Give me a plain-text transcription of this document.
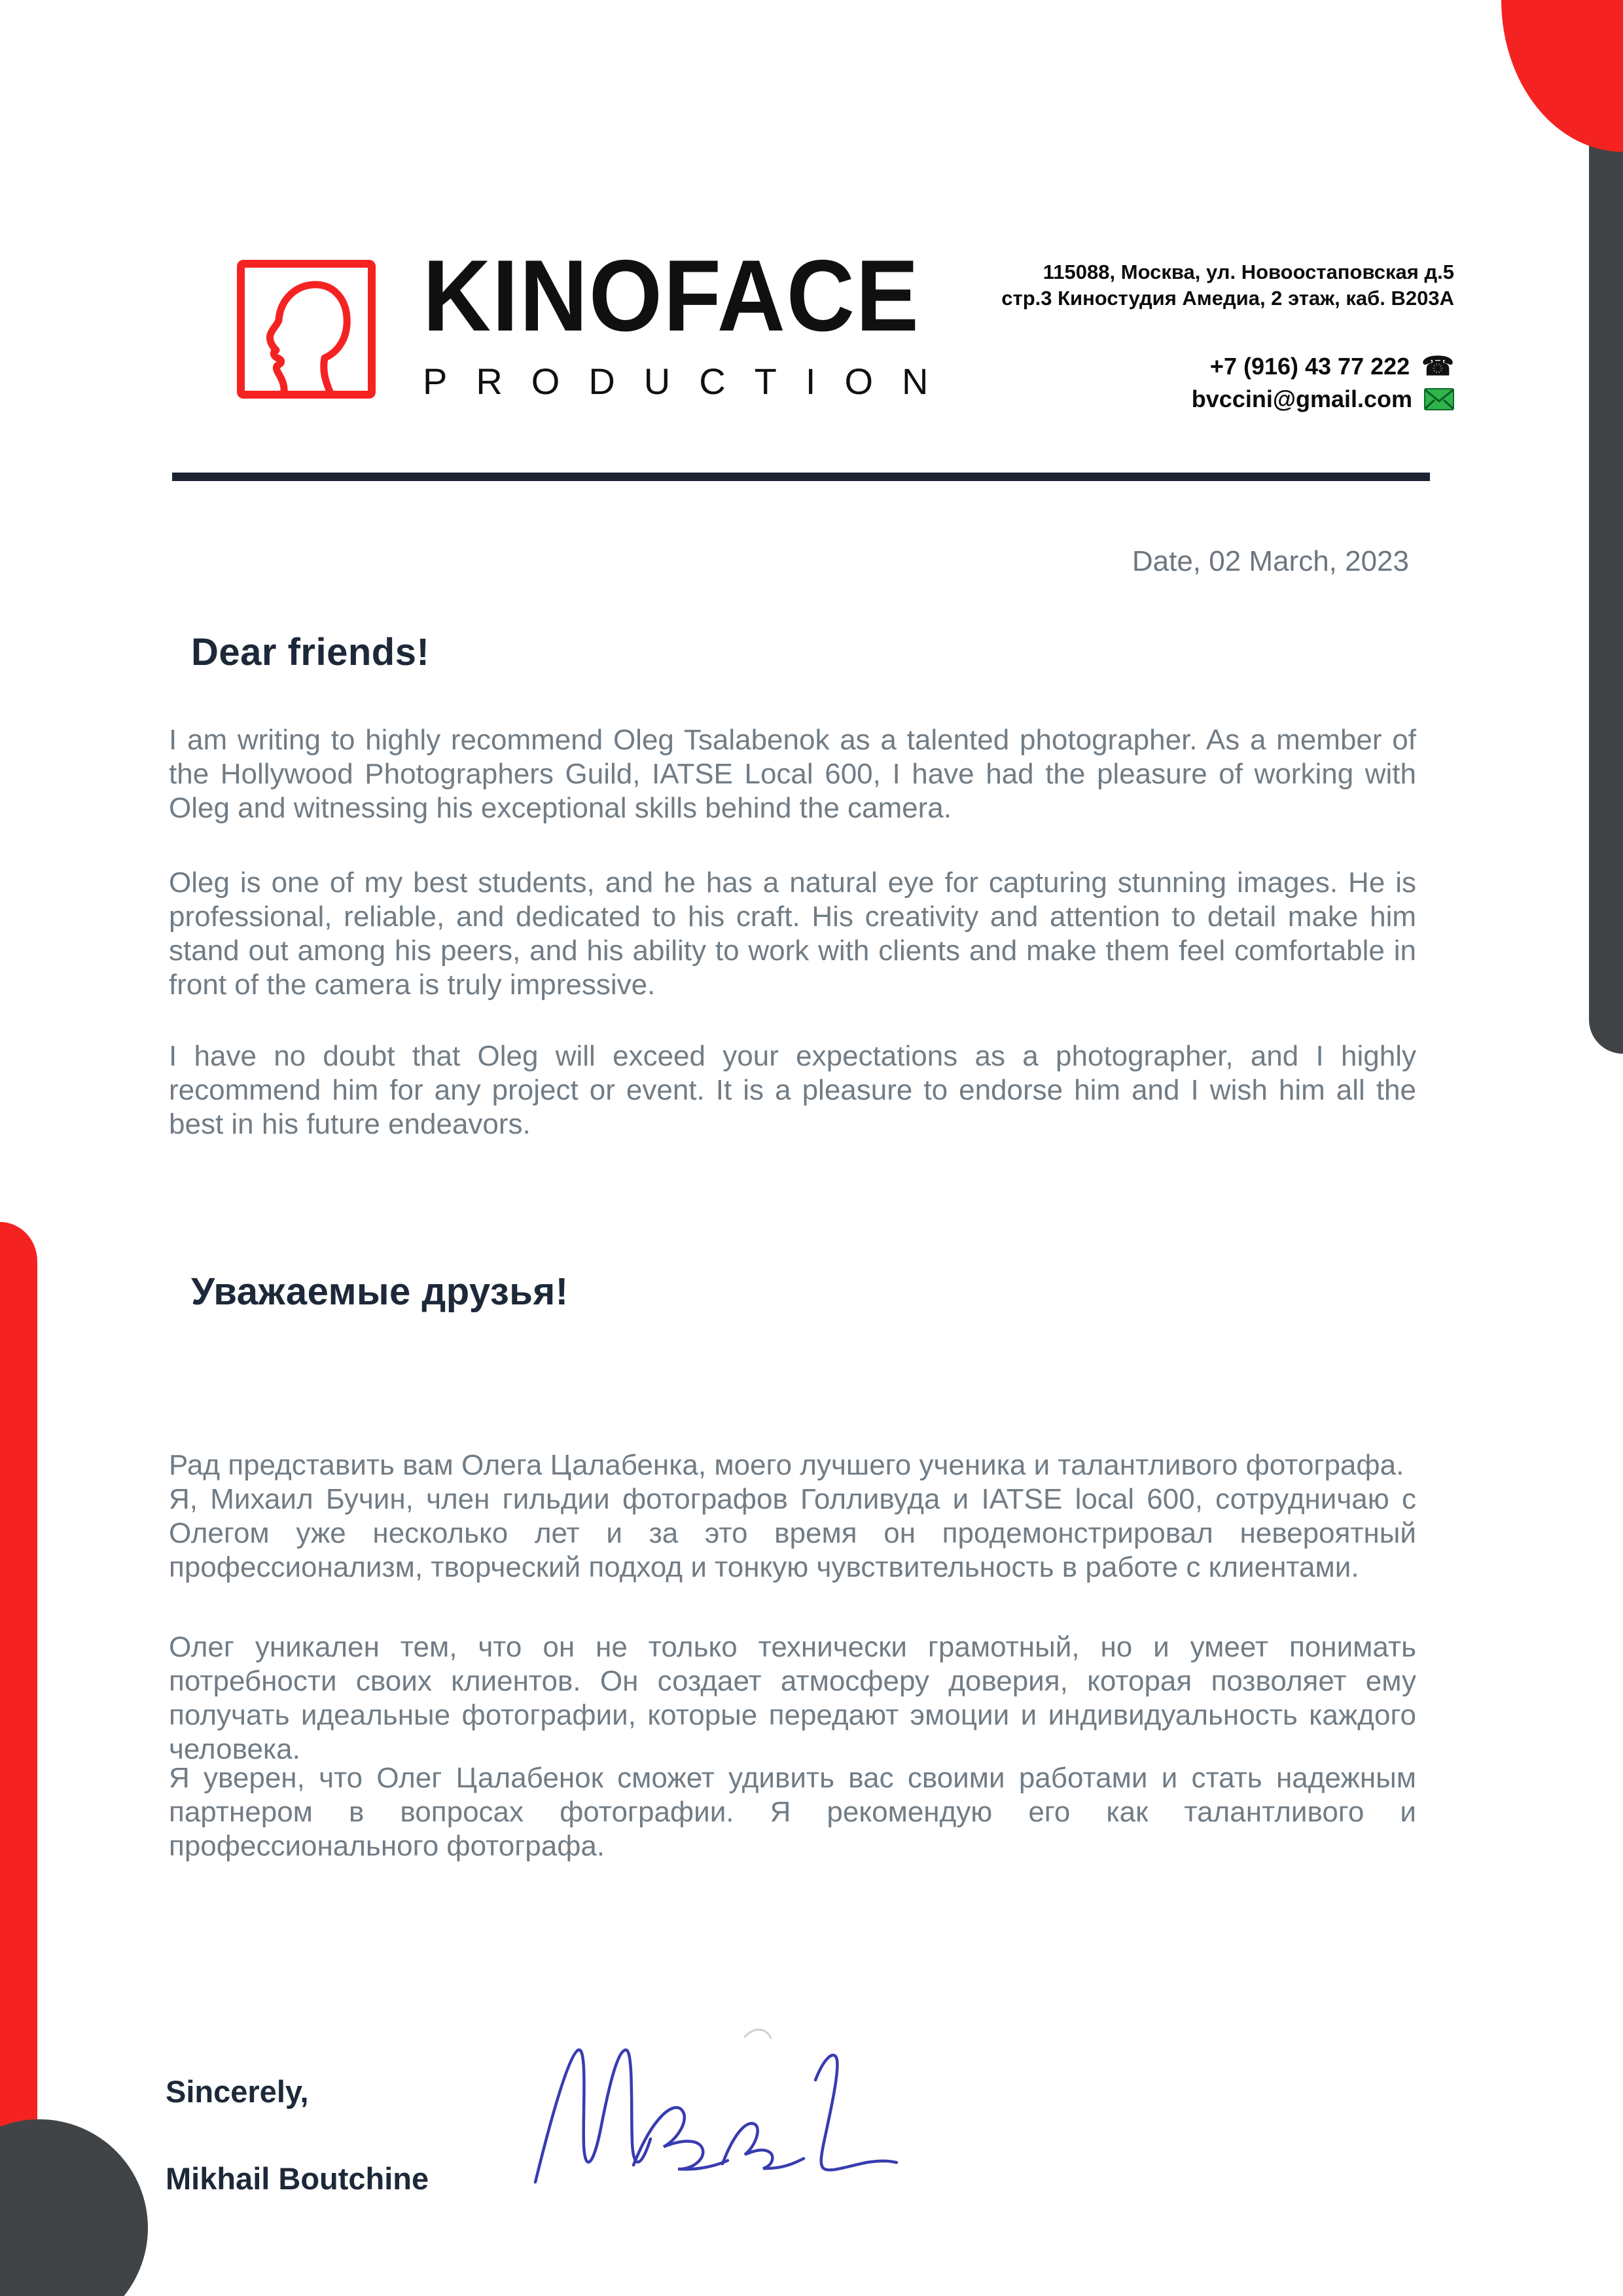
KINOFACE
PRODUCTION
115088, Москва, ул. Новоостаповская д.5
стр.3 Киностудия Амедиа, 2 этаж, каб. B203A
+7 (916) 43 77 222 ☎
bvccini@gmail.com
Date, 02 March, 2023
Dear friends!

I am writing to highly recommend Oleg Tsalabenok as a talented photographer. As a member of the Hollywood Photographers Guild, IATSE Local 600, I have had the pleasure of working with Oleg and witnessing his exceptional skills behind the camera.

Oleg is one of my best students, and he has a natural eye for capturing stunning images. He is professional, reliable, and dedicated to his craft. His creativity and attention to detail make him stand out among his peers, and his ability to work with clients and make them feel comfortable in front of the camera is truly impressive.

I have no doubt that Oleg will exceed your expectations as a photographer, and I highly recommend him for any project or event. It is a pleasure to endorse him and I wish him all the best in his future endeavors.

Уважаемые друзья!

Рад представить вам Олега Цалабенка, моего лучшего ученика и талантливого фотографа.
Я, Михаил Бучин, член гильдии фотографов Голливуда и IATSE local 600, сотрудничаю с Олегом уже несколько лет и за это время он продемонстрировал невероятный профессионализм, творческий подход и тонкую чувствительность в работе с клиентами.

Олег уникален тем, что он не только технически грамотный, но и умеет понимать потребности своих клиентов. Он создает атмосферу доверия, которая позволяет ему получать идеальные фотографии, которые передают эмоции и индивидуальность каждого человека.

Я уверен, что Олег Цалабенок сможет удивить вас своими работами и стать надежным партнером в вопросах фотографии. Я рекомендую его как талантливого и профессионального фотографа.

Sincerely,
Mikhail Boutchine
